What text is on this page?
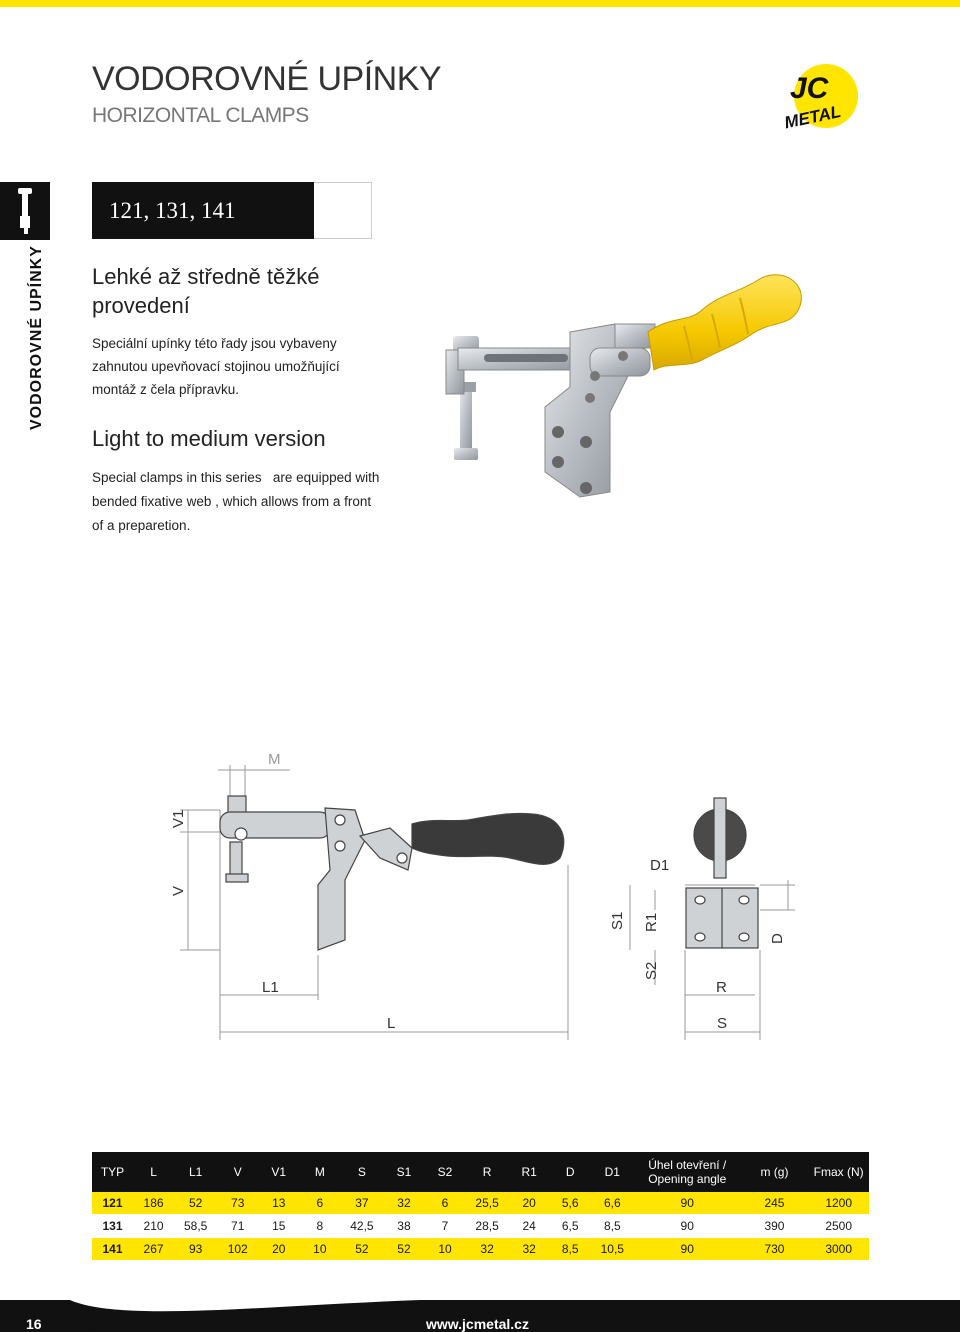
VODOROVNÉ UPÍNKY
HORIZONTAL CLAMPS
JC
METAL
VODOROVNÉ UPÍNKY
121, 131, 141
Lehké až středně těžké provedení
Speciální upínky této řady jsou vybaveny zahnutou upevňovací stojinou umožňující montáž z čela přípravku.
Light to medium version
Special clamps in this series   are equipped with bended fixative web , which allows from a front of a preparetion.
M
V1
V
L1
L
D1
S1 R1
D
S2
R
S
TYP	L	L1	V	V1	M	S	S1	S2	R	R1	D	D1	Úhel otevření / Opening angle	m (g)	Fmax (N)
121	186	52	73	13	6	37	32	6	25,5	20	5,6	6,6	90	245	1200
131	210	58,5	71	15	8	42,5	38	7	28,5	24	6,5	8,5	90	390	2500
141	267	93	102	20	10	52	52	10	32	32	8,5	10,5	90	730	3000
16	www.jcmetal.cz
